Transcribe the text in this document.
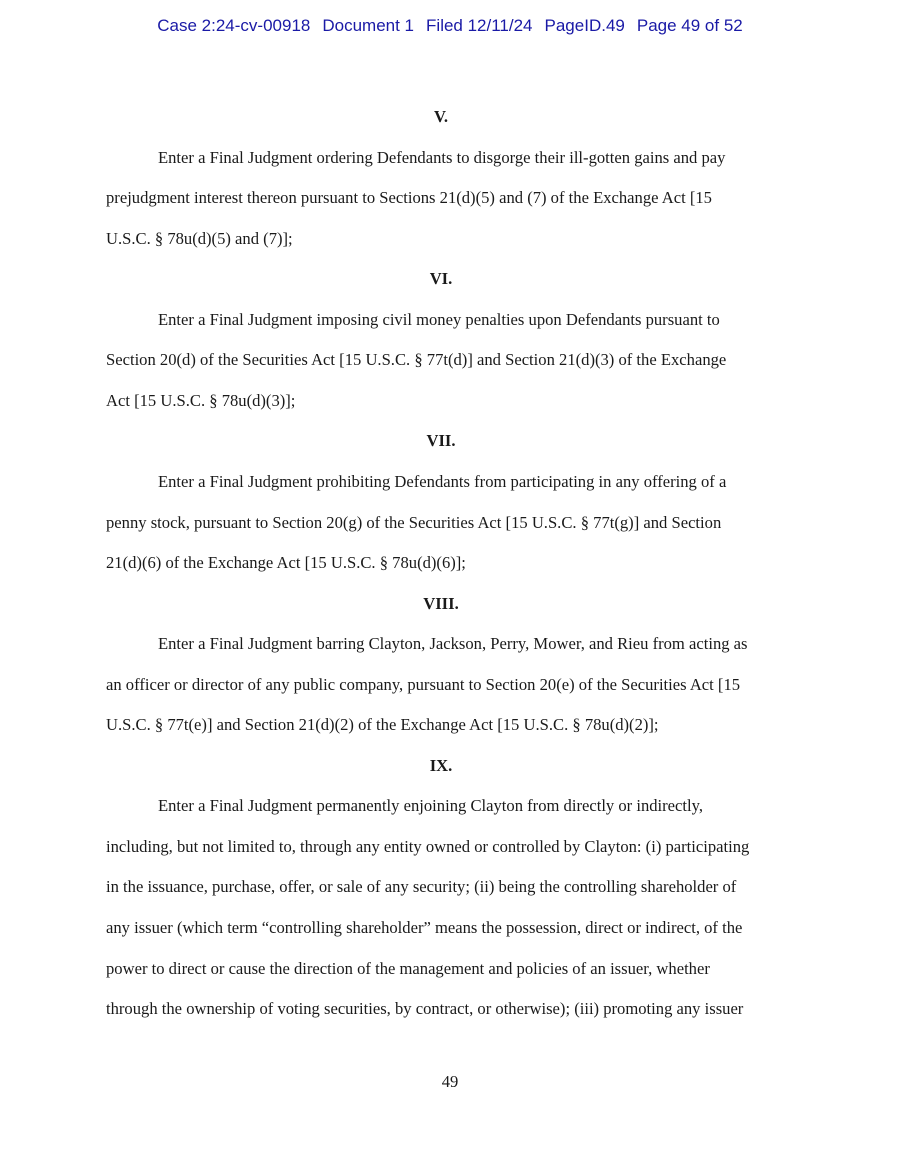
Case 2:24-cv-00918 Document 1 Filed 12/11/24 PageID.49 Page 49 of 52
V.
Enter a Final Judgment ordering Defendants to disgorge their ill-gotten gains and pay
prejudgment interest thereon pursuant to Sections 21(d)(5) and (7) of the Exchange Act [15
U.S.C. § 78u(d)(5) and (7)];
VI.
Enter a Final Judgment imposing civil money penalties upon Defendants pursuant to
Section 20(d) of the Securities Act [15 U.S.C. § 77t(d)] and Section 21(d)(3) of the Exchange
Act [15 U.S.C. § 78u(d)(3)];
VII.
Enter a Final Judgment prohibiting Defendants from participating in any offering of a
penny stock, pursuant to Section 20(g) of the Securities Act [15 U.S.C. § 77t(g)] and Section
21(d)(6) of the Exchange Act [15 U.S.C. § 78u(d)(6)];
VIII.
Enter a Final Judgment barring Clayton, Jackson, Perry, Mower, and Rieu from acting as
an officer or director of any public company, pursuant to Section 20(e) of the Securities Act [15
U.S.C. § 77t(e)] and Section 21(d)(2) of the Exchange Act [15 U.S.C. § 78u(d)(2)];
IX.
Enter a Final Judgment permanently enjoining Clayton from directly or indirectly,
including, but not limited to, through any entity owned or controlled by Clayton: (i) participating
in the issuance, purchase, offer, or sale of any security; (ii) being the controlling shareholder of
any issuer (which term “controlling shareholder” means the possession, direct or indirect, of the
power to direct or cause the direction of the management and policies of an issuer, whether
through the ownership of voting securities, by contract, or otherwise); (iii) promoting any issuer
49
